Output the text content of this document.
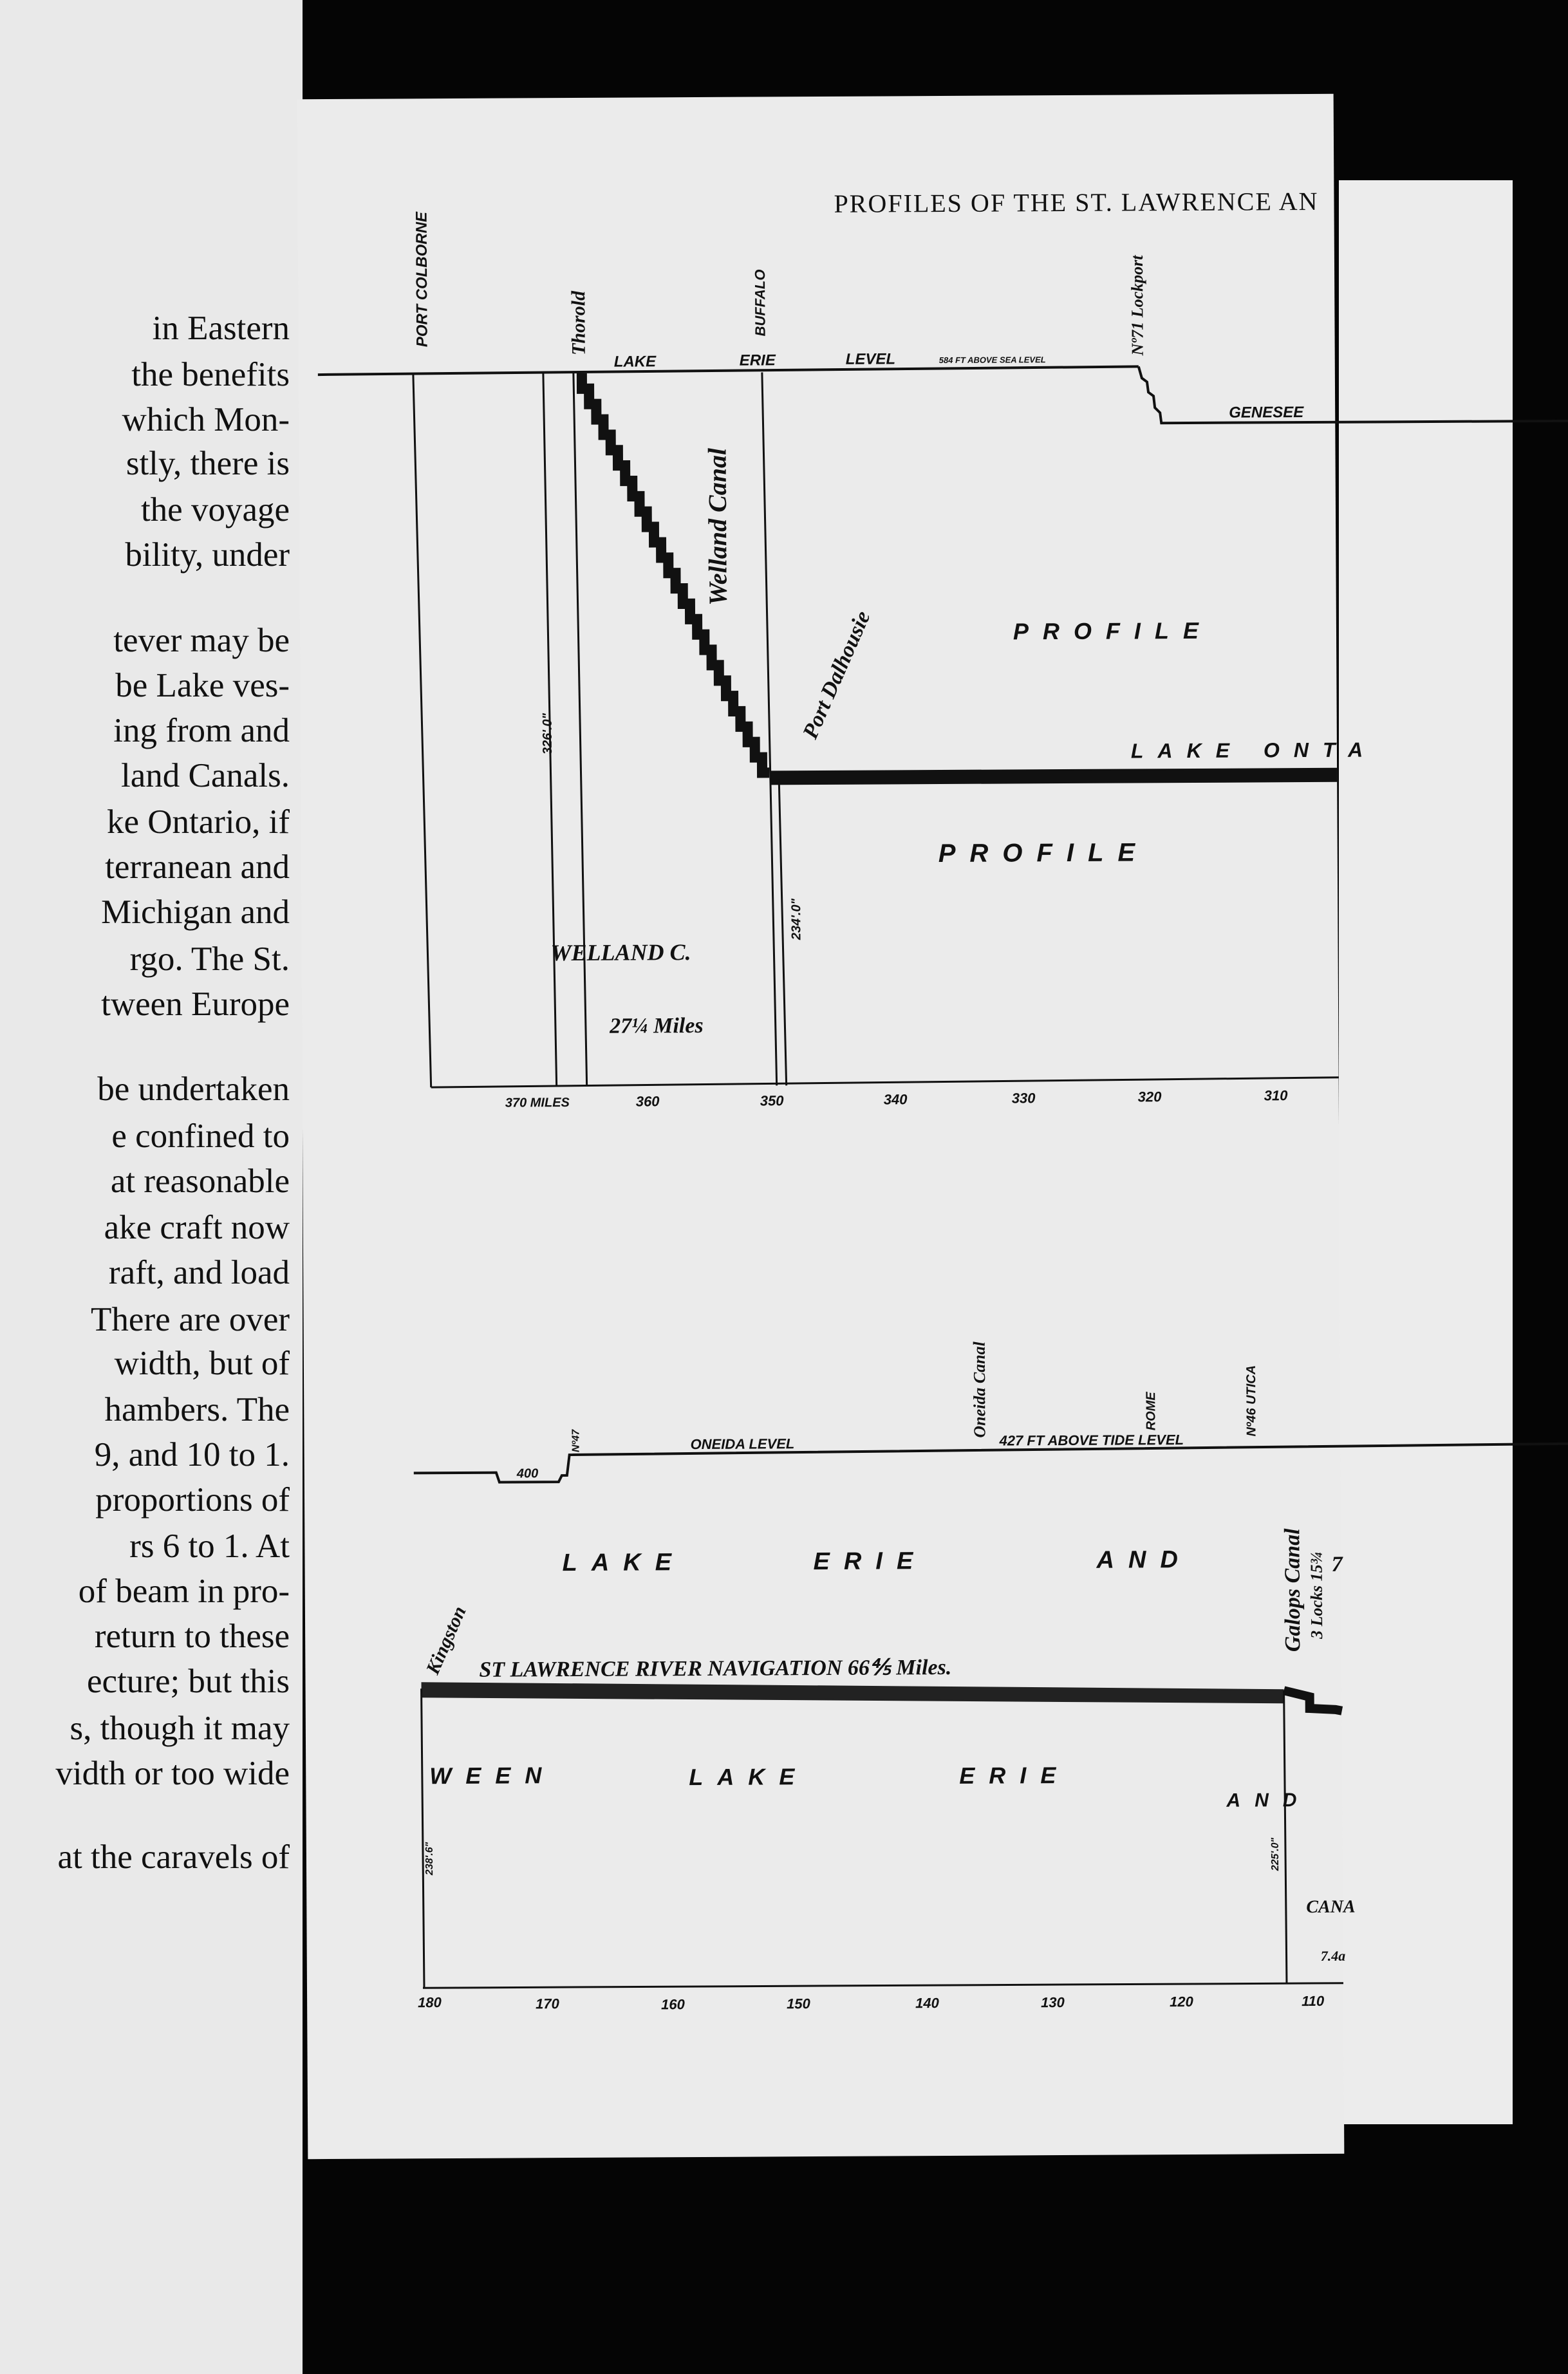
in Eastern
the benefits
which Mon-
stly, there is
the voyage
bility, under
tever may be
be Lake ves-
ing from and
land Canals.
ke Ontario, if
terranean and
Michigan and
rgo. The St.
tween Europe
be undertaken
e confined to
at reasonable
ake craft now
raft, and load
There are over
width, but of
hambers. The
9, and 10 to 1.
proportions of
rs 6 to 1. At
of beam in pro-
return to these
ecture; but this
s, though it may
vidth or too wide
at the caravels of
PROFILES OF THE ST. LAWRENCE AN
PORT COLBORNE	Thorold	BUFFALO	Nº71 Lockport
LAKE	ERIE	LEVEL	584 FT ABOVE SEA LEVEL
GENESEE
Welland Canal
Port Dalhousie	PROFILE
LAKE ONTA
PROFILE
326'.0"
234'.0"
WELLAND C.
27¼ Miles
370 MILES	360	350	340	330	320	310
Nº47
400
ONEIDA LEVEL
Oneida Canal
427 FT ABOVE TIDE LEVEL
ROME	Nº46 UTICA
LAKE	ERIE	AND	Galops Canal 3 Locks 15¾ 7
Kingston ST LAWRENCE RIVER NAVIGATION 66⅘ Miles.
WEEN	LAKE	ERIE
AND
238'.6"	225'.0"
CANA
7.4a
180	170	160	150	140	130	120	110
